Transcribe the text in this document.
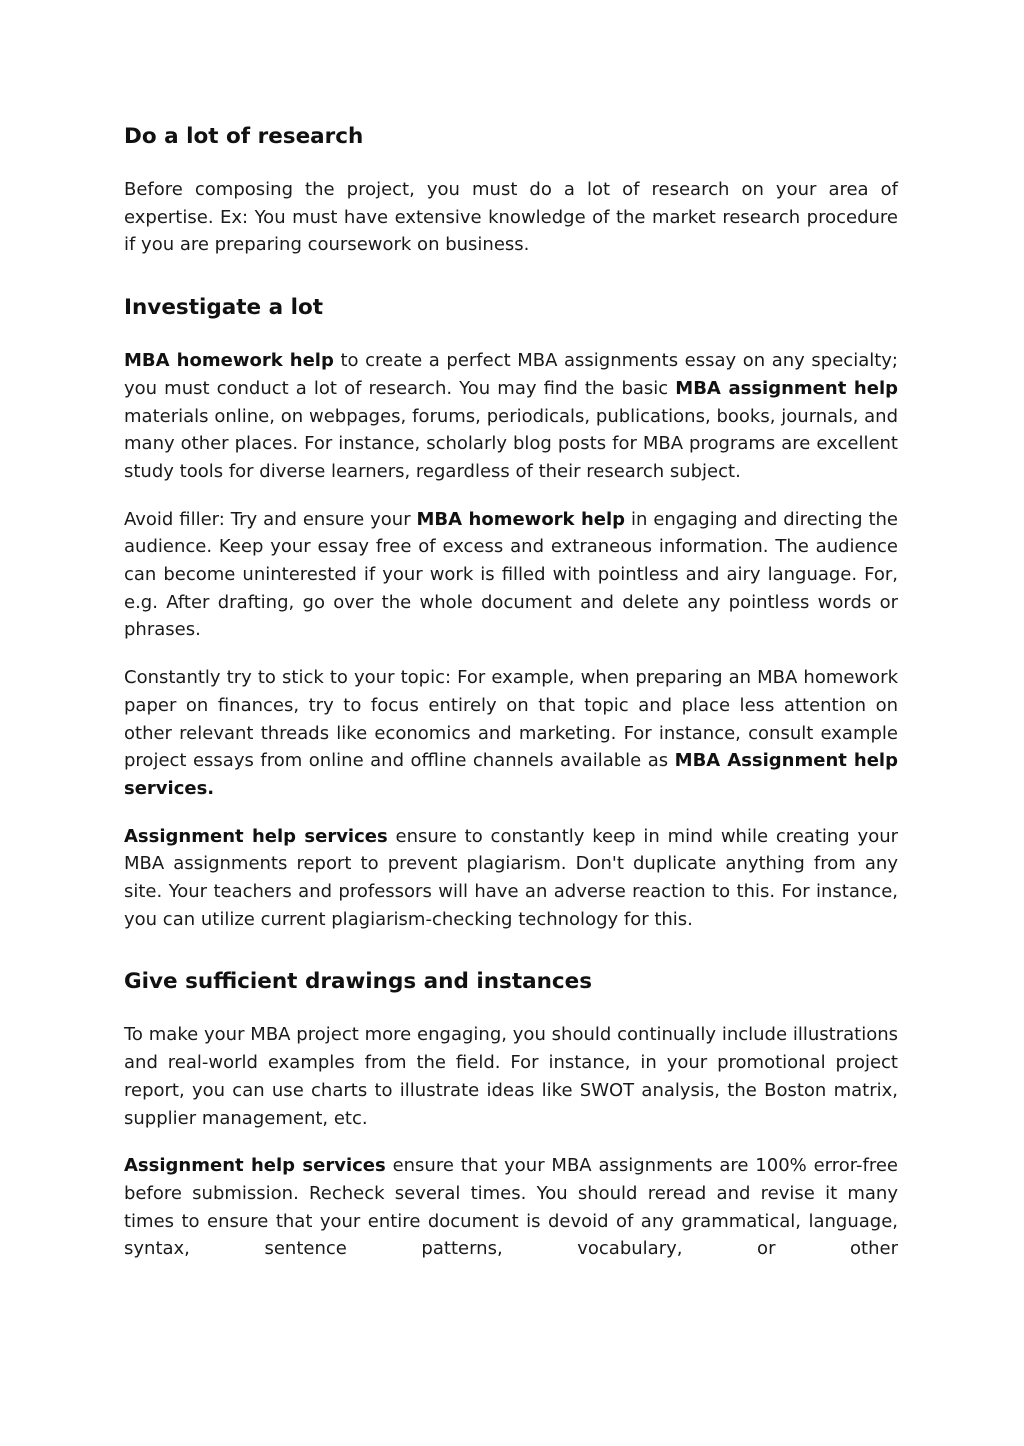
Do a lot of research

Before composing the project, you must do a lot of research on your area of expertise. Ex: You must have extensive knowledge of the market research procedure if you are preparing coursework on business.

Investigate a lot

MBA homework help to create a perfect MBA assignments essay on any specialty; you must conduct a lot of research. You may find the basic MBA assignment help materials online, on webpages, forums, periodicals, publications, books, journals, and many other places. For instance, scholarly blog posts for MBA programs are excellent study tools for diverse learners, regardless of their research subject.

Avoid filler: Try and ensure your MBA homework help in engaging and directing the audience. Keep your essay free of excess and extraneous information. The audience can become uninterested if your work is filled with pointless and airy language. For, e.g. After drafting, go over the whole document and delete any pointless words or phrases.

Constantly try to stick to your topic: For example, when preparing an MBA homework paper on finances, try to focus entirely on that topic and place less attention on other relevant threads like economics and marketing. For instance, consult example project essays from online and offline channels available as MBA Assignment help services.

Assignment help services ensure to constantly keep in mind while creating your MBA assignments report to prevent plagiarism. Don't duplicate anything from any site. Your teachers and professors will have an adverse reaction to this. For instance, you can utilize current plagiarism-checking technology for this.

Give sufficient drawings and instances

To make your MBA project more engaging, you should continually include illustrations and real-world examples from the field. For instance, in your promotional project report, you can use charts to illustrate ideas like SWOT analysis, the Boston matrix, supplier management, etc.

Assignment help services ensure that your MBA assignments are 100% error-free before submission. Recheck several times. You should reread and revise it many times to ensure that your entire document is devoid of any grammatical, language, syntax, sentence patterns, vocabulary, or other
